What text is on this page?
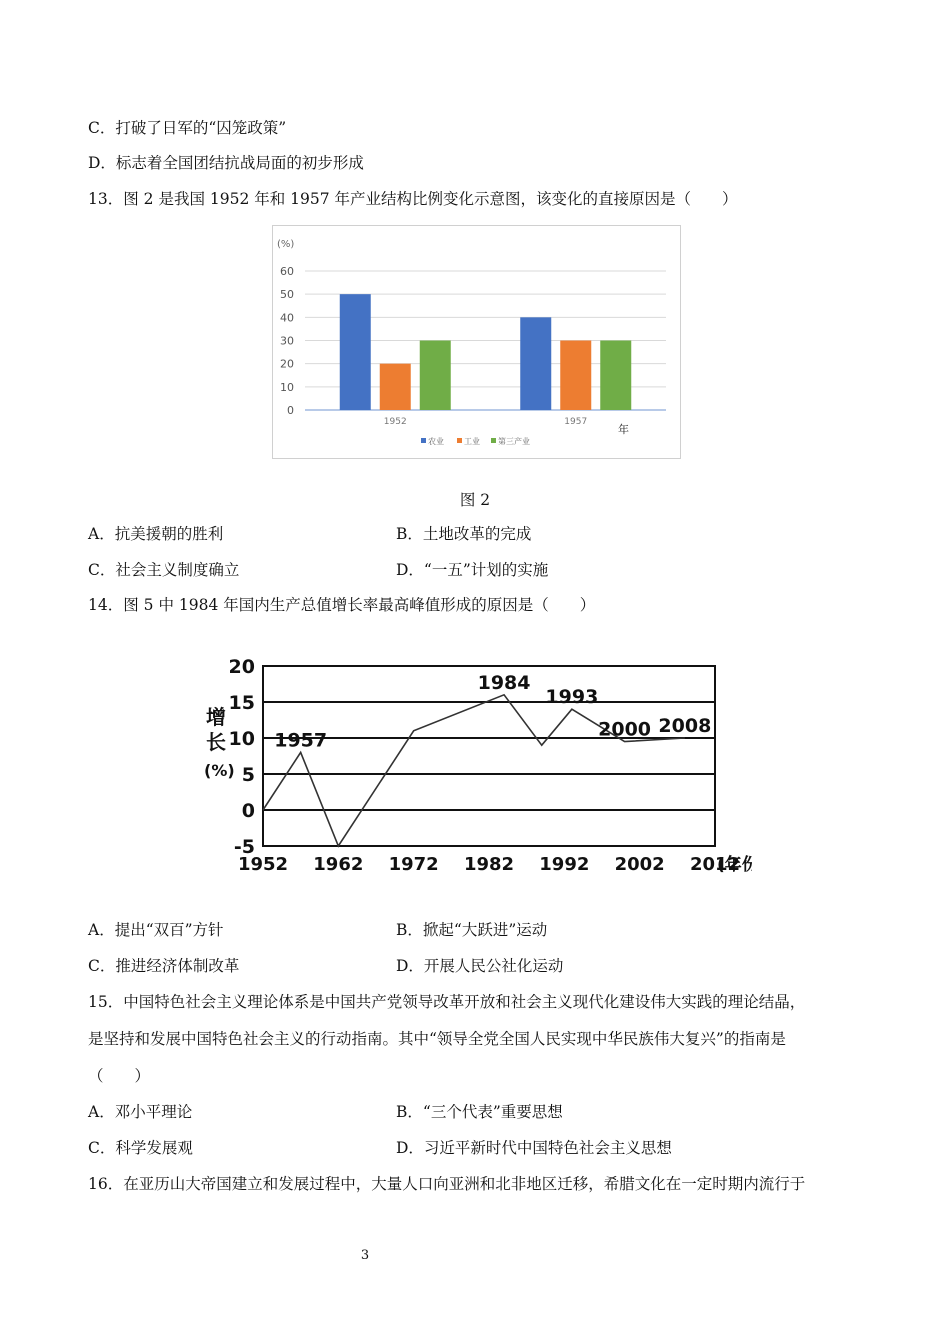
C．打破了日军的“囚笼政策”
D．标志着全国团结抗战局面的初步形成
13．图 2 是我国 1952 年和 1957 年产业结构比例变化示意图，该变化的直接原因是（　　）
(%)
0
10
20
30
40
50
60
1952	1957
年
农业	工业 第三产业
图 2
A．抗美援朝的胜利	B．土地改革的完成
C．社会主义制度确立	D．“一五”计划的实施
14．图 5 中 1984 年国内生产总值增长率最高峰值形成的原因是（　　）
-5
0
5
10
15
20
1952 1962 1972 1982 1992 2002 2012
(年份
增
长
(%)
1957
1984
1993
2000 2008
A．提出“双百”方针	B．掀起“大跃进”运动
C．推进经济体制改革	D．开展人民公社化运动
15．中国特色社会主义理论体系是中国共产党领导改革开放和社会主义现代化建设伟大实践的理论结晶，
是坚持和发展中国特色社会主义的行动指南。其中“领导全党全国人民实现中华民族伟大复兴”的指南是
（　　）
A．邓小平理论	B．“三个代表”重要思想
C．科学发展观	D．习近平新时代中国特色社会主义思想
16．在亚历山大帝国建立和发展过程中，大量人口向亚洲和北非地区迁移，希腊文化在一定时期内流行于
3
